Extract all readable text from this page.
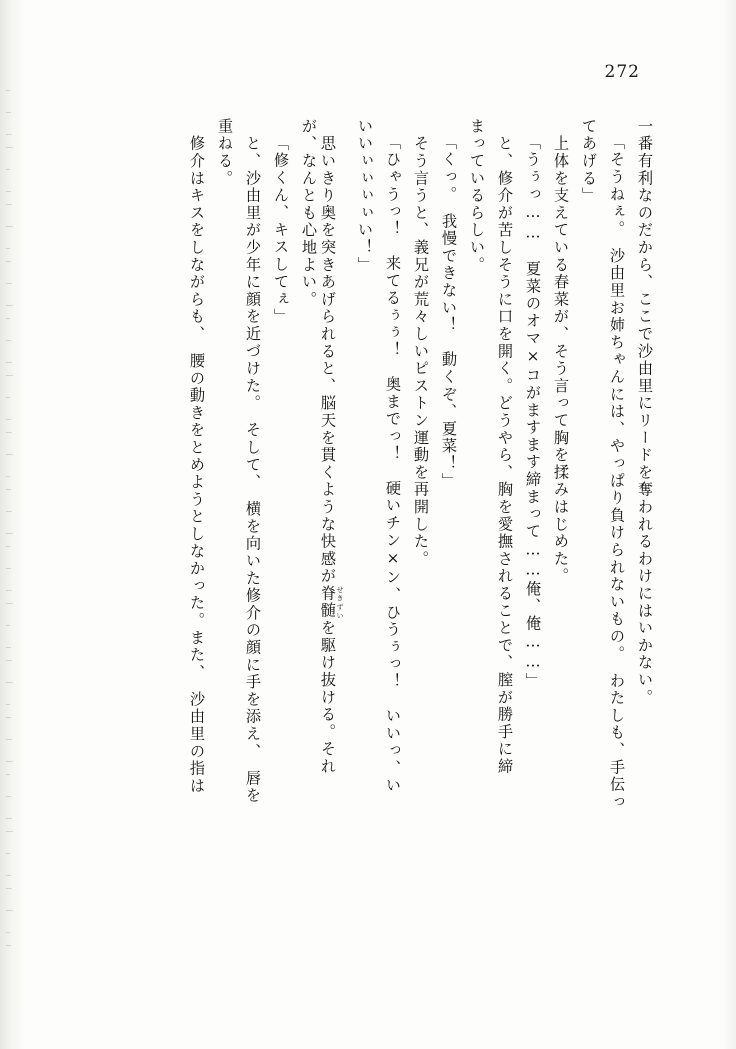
272
一番有利なのだから、ここで沙由里にリードを奪われるわけにはいかない。
「そうねぇ。　沙由里お姉ちゃんには、やっぱり負けられないもの。　わたしも、手伝っ
てあげる」
　上体を支えている春菜が、そう言って胸を揉みはじめた。
「うぅっ……　夏菜のオマ×コがますます締まって……俺、俺……」
　と、修介が苦しそうに口を開く。どうやら、胸を愛撫されることで、膣が勝手に締
まっているらしい。
「くっ。　我慢できない！　動くぞ、夏菜！」
　そう言うと、義兄が荒々しいピストン運動を再開した。
「ひゃうっ！　来てるぅぅ！　奥までっ！　硬いチン×ン、ひうぅっ！　いいっ、い
いいぃぃぃぃい！」
　思いきり奥を突きあげられると、脳天を貫くような快感が脊髄 せきずいを駆け抜ける。それ
が、なんとも心地よい。
「修くん、キスしてぇ」
　と、沙由里が少年に顔を近づけた。　そして、　横を向いた修介の顔に手を添え、　唇を
重ねる。
　修介はキスをしながらも、　腰の動きをとめようとしなかった。また、　沙由里の指は
